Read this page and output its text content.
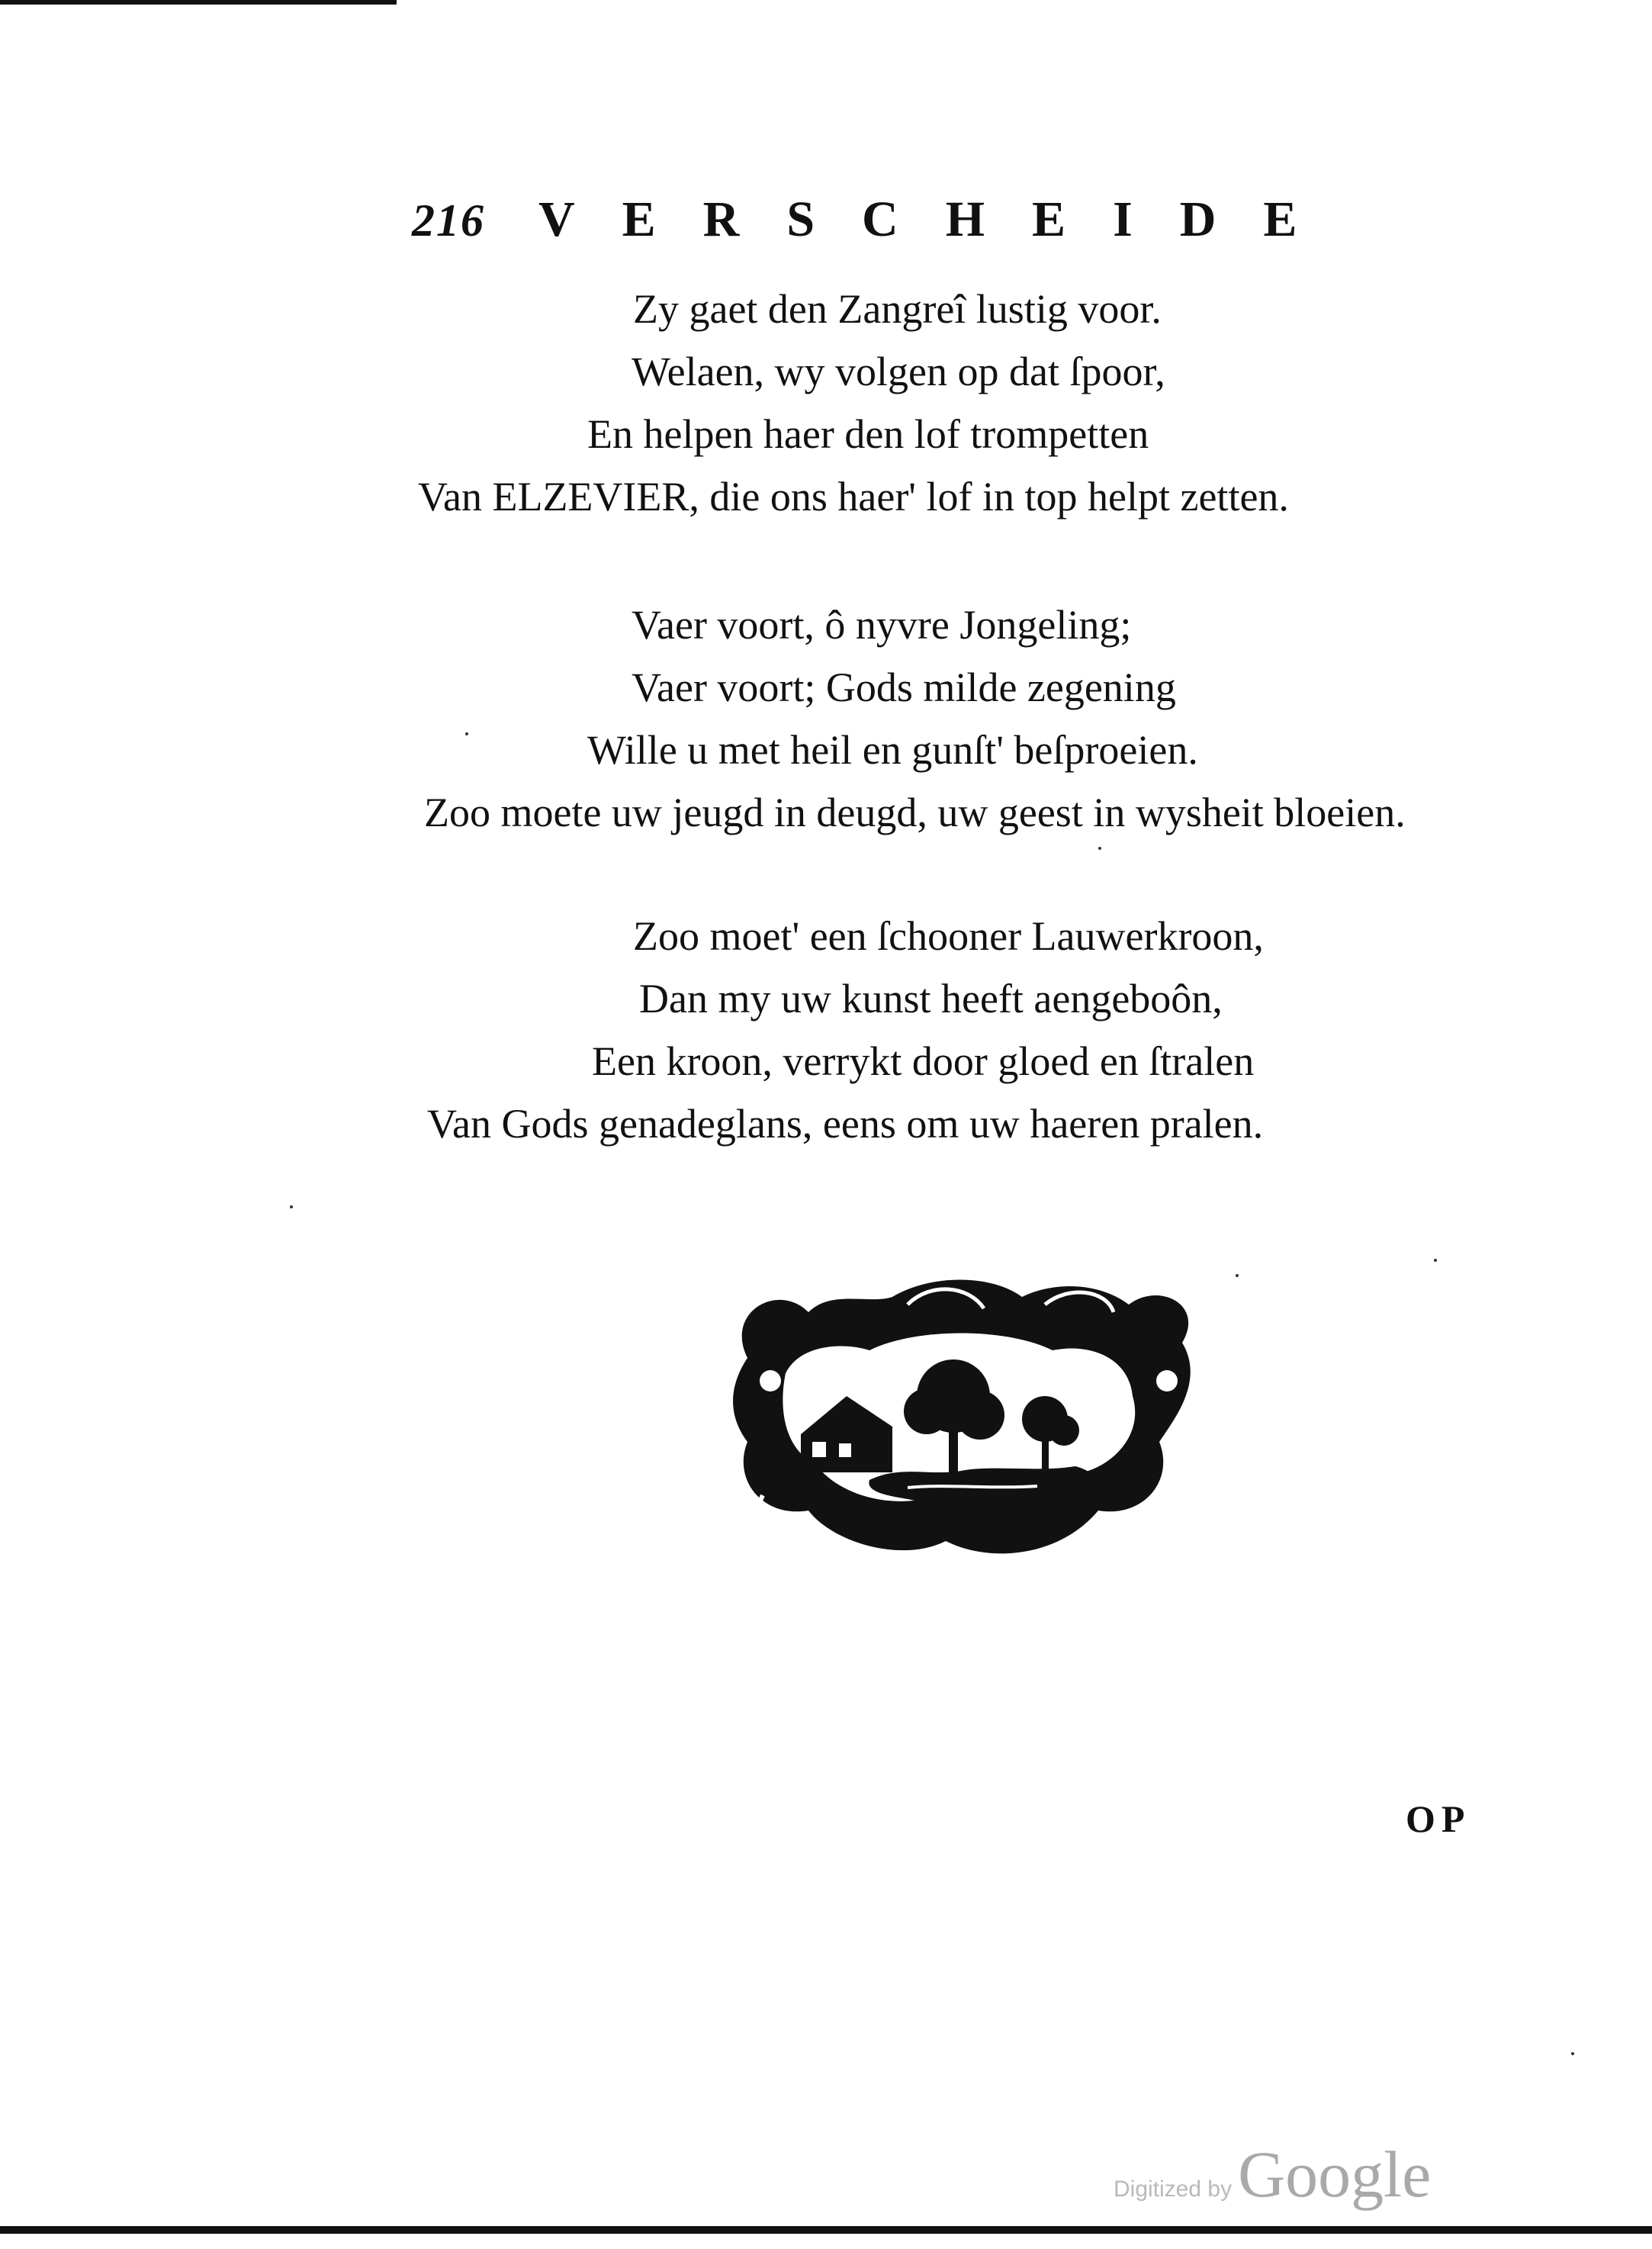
216 VERSCHEIDE
Zy gaet den Zangreî lustig voor.
Welaen, wy volgen op dat ſpoor,
En helpen haer den lof trompetten
Van ELZEVIER, die ons haer' lof in top helpt zetten.
Vaer voort, ô nyvre Jongeling;
Vaer voort; Gods milde zegening
Wille u met heil en gunſt' beſproeien.
Zoo moete uw jeugd in deugd, uw geest in wysheit bloeien.
Zoo moet' een ſchooner Lauwerkroon,
Dan my uw kunst heeft aengeboôn,
Een kroon, verrykt door gloed en ſtralen
Van Gods genadeglans, eens om uw haeren pralen.
OP
Digitized by Google
